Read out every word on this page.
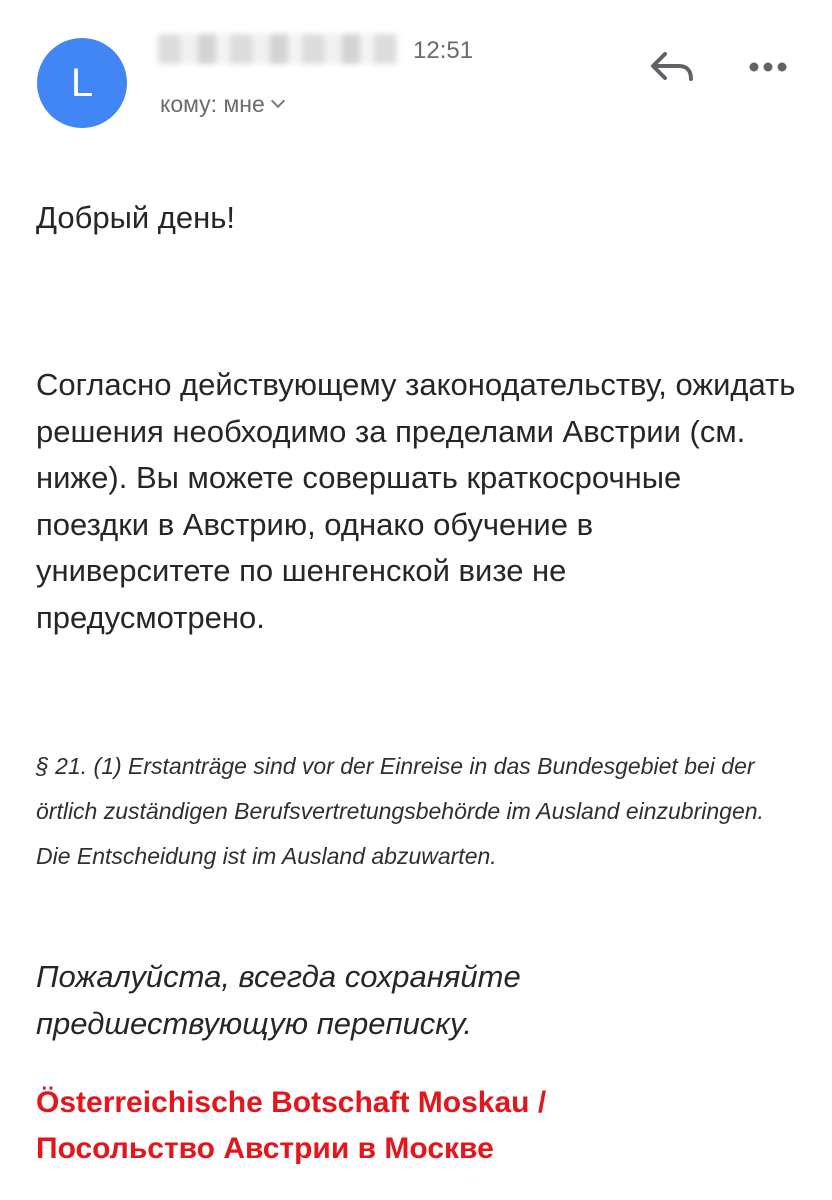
L
12:51
кому: мне
Добрый день!
Согласно действующему законодательству, ожидать решения необходимо за пределами Австрии (см. ниже). Вы можете совершать краткосрочные поездки в Австрию, однако обучение в университете по шенгенской визе не предусмотрено.
§ 21. (1) Erstanträge sind vor der Einreise in das Bundesgebiet bei der örtlich zuständigen Berufsvertretungsbehörde im Ausland einzubringen. Die Entscheidung ist im Ausland abzuwarten.
Пожалуйста, всегда сохраняйте предшествующую переписку.
Österreichische Botschaft Moskau /
Посольство Австрии в Москве
